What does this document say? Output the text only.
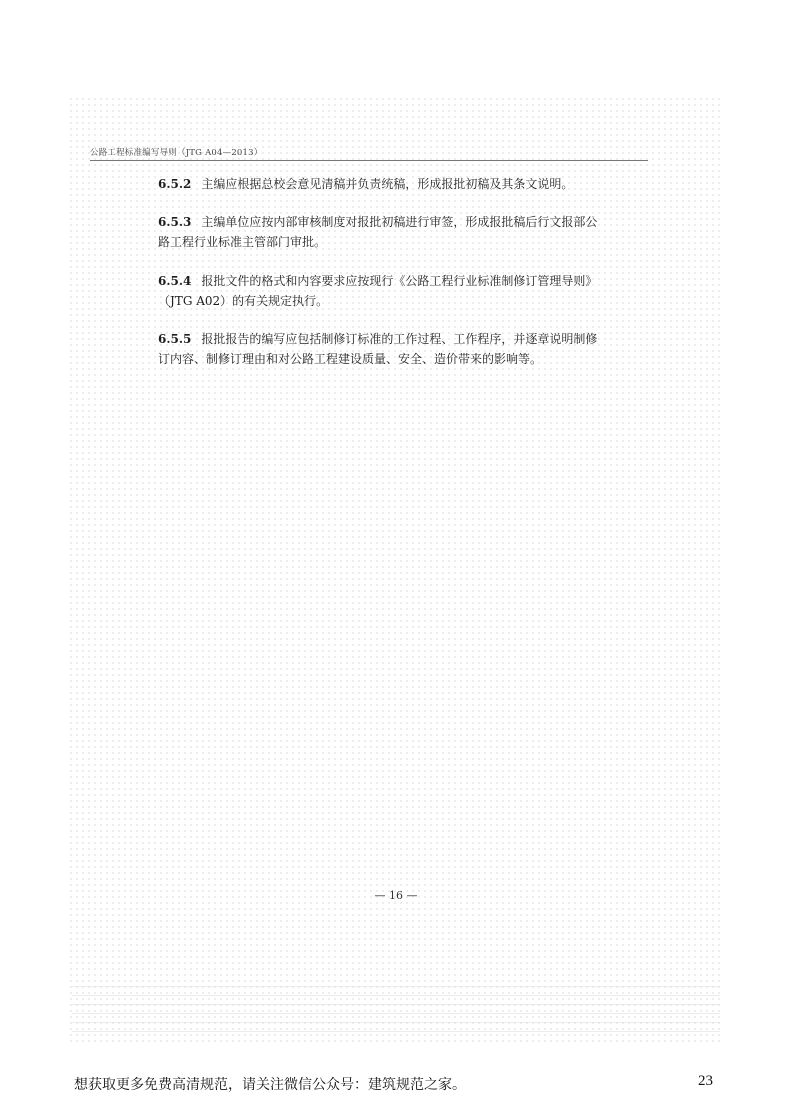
公路工程标准编写导则（JTG A04—2013）
6.5.2 主编应根据总校会意见清稿并负责统稿，形成报批初稿及其条文说明。
6.5.3 主编单位应按内部审核制度对报批初稿进行审签，形成报批稿后行文报部公
路工程行业标准主管部门审批。
6.5.4 报批文件的格式和内容要求应按现行《公路工程行业标准制修订管理导则》
（JTG A02）的有关规定执行。
6.5.5 报批报告的编写应包括制修订标准的工作过程、工作程序，并逐章说明制修
订内容、制修订理由和对公路工程建设质量、安全、造价带来的影响等。
— 16 —
想获取更多免费高清规范，请关注微信公众号：建筑规范之家。	23
